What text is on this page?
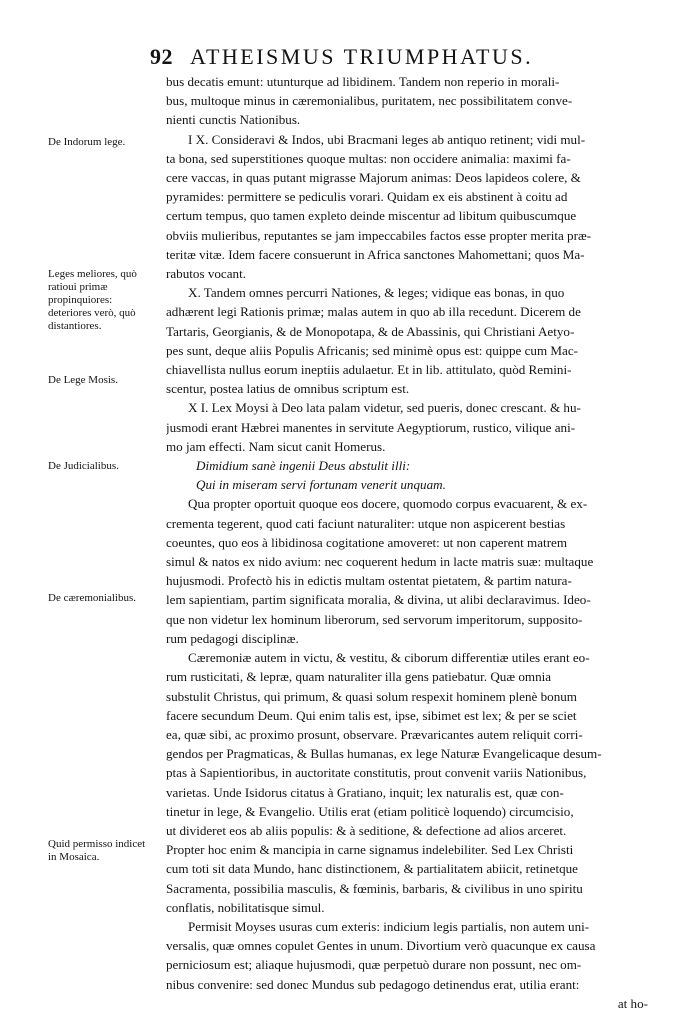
92 ATHEISMUS TRIUMPHATUS.
De Indorum lege.
Leges meliores, quò ratioui primæ propinquiores: deteriores verò, quò distantiores.
De Lege Mosis.
De Judicialibus.
De cæremonialibus.
Quid permisso indicet in Mosaica.
bus decatis emunt: utunturque ad libidinem. Tandem non reperio in morali-
bus, multoque minus in cæremonialibus, puritatem, nec possibilitatem conve-
nienti cunctis Nationibus.
I X. Consideravi & Indos, ubi Bracmani leges ab antiquo retinent; vidi mul-
ta bona, sed superstitiones quoque multas: non occidere animalia: maximi fa-
cere vaccas, in quas putant migrasse Majorum animas: Deos lapideos colere, &
pyramides: permittere se pediculis vorari. Quidam ex eis abstinent à coitu ad
certum tempus, quo tamen expleto deinde miscentur ad libitum quibuscumque
obviis mulieribus, reputantes se jam impeccabiles factos esse propter merita præ-
teritæ vitæ. Idem facere consuerunt in Africa sanctones Mahomettani; quos Ma-
rabutos vocant.
X. Tandem omnes percurri Nationes, & leges; vidique eas bonas, in quo
adhærent legi Rationis primæ; malas autem in quo ab illa recedunt. Dicerem de
Tartaris, Georgianis, & de Monopotapa, & de Abassinis, qui Christiani Aetyo-
pes sunt, deque aliis Populis Africanis; sed minimè opus est: quippe cum Mac-
chiavellista nullus eorum ineptiis adulaetur. Et in lib. attitulato, quòd Remini-
scentur, postea latius de omnibus scriptum est.
X I. Lex Moysi à Deo lata palam videtur, sed pueris, donec crescant. & hu-
jusmodi erant Hæbrei manentes in servitute Aegyptiorum, rustico, vilique ani-
mo jam effecti. Nam sicut canit Homerus.
Dimidium sanè ingenii Deus abstulit illi:
Qui in miseram servi fortunam venerit unquam.
Qua propter oportuit quoque eos docere, quomodo corpus evacuarent, & ex-
crementa tegerent, quod cati faciunt naturaliter: utque non aspicerent bestias
coeuntes, quo eos à libidinosa cogitatione amoveret: ut non caperent matrem
simul & natos ex nido avium: nec coquerent hedum in lacte matris suæ: multaque
hujusmodi. Profectò his in edictis multam ostentat pietatem, & partim natura-
lem sapientiam, partim significata moralia, & divina, ut alibi declaravimus. Ideo-
que non videtur lex hominum liberorum, sed servorum imperitorum, supposito-
rum pedagogi disciplinæ.
Cæremoniæ autem in victu, & vestitu, & ciborum differentiæ utiles erant eo-
rum rusticitati, & lepræ, quam naturaliter illa gens patiebatur. Quæ omnia
substulit Christus, qui primum, & quasi solum respexit hominem plenè bonum
facere secundum Deum. Qui enim talis est, ipse, sibimet est lex; & per se sciet
ea, quæ sibi, ac proximo prosunt, observare. Prævaricantes autem reliquit corri-
gendos per Pragmaticas, & Bullas humanas, ex lege Naturæ Evangelicaque desum-
ptas à Sapientioribus, in auctoritate constitutis, prout convenit variis Nationibus,
varietas. Unde Isidorus citatus à Gratiano, inquit; lex naturalis est, quæ con-
tinetur in lege, & Evangelio. Utilis erat (etiam politicè loquendo) circumcisio,
ut divideret eos ab aliis populis: & à seditione, & defectione ad alios arceret.
Propter hoc enim & mancipia in carne signamus indelebiliter. Sed Lex Christi
cum toti sit data Mundo, hanc distinctionem, & partialitatem abiicit, retinetque
Sacramenta, possibilia masculis, & fœminis, barbaris, & civilibus in uno spiritu
conflatis, nobilitatisque simul.
Permisit Moyses usuras cum exteris: indicium legis partialis, non autem uni-
versalis, quæ omnes copulet Gentes in unum. Divortium verò quacunque ex causa
perniciosum est; aliaque hujusmodi, quæ perpetuò durare non possunt, nec om-
nibus convenire: sed donec Mundus sub pedagogo detinendus erat, utilia erant:
at ho-
